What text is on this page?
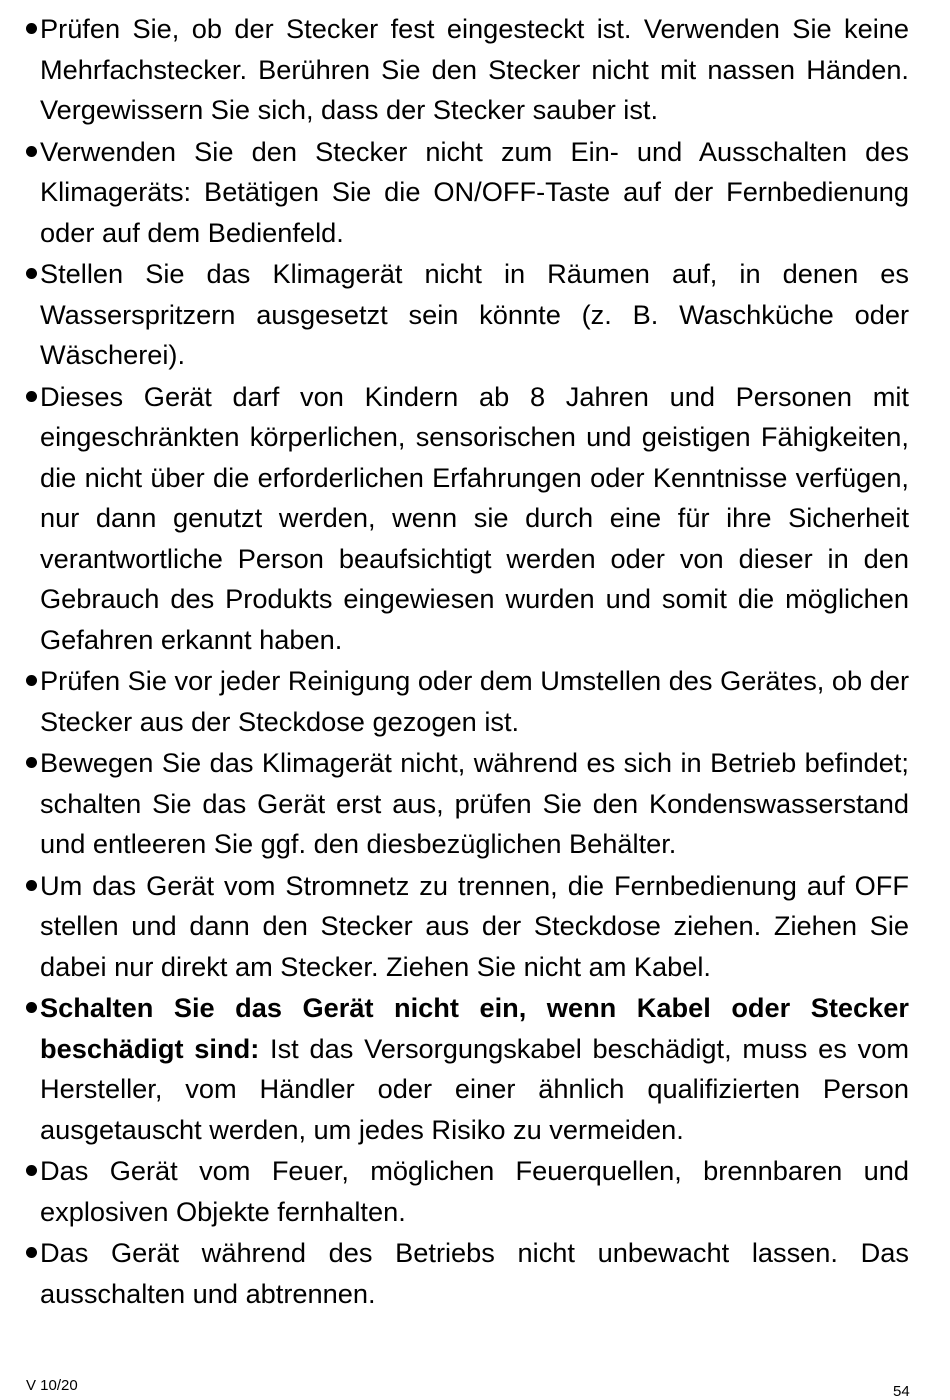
Prüfen Sie, ob der Stecker fest eingesteckt ist. Verwenden Sie keine Mehrfachstecker. Berühren Sie den Stecker nicht mit nassen Händen. Vergewissern Sie sich, dass der Stecker sauber ist.
Verwenden Sie den Stecker nicht zum Ein- und Ausschalten des Klimageräts: Betätigen Sie die ON/OFF-Taste auf der Fernbedienung oder auf dem Bedienfeld.
Stellen Sie das Klimagerät nicht in Räumen auf, in denen es Wasserspritzern ausgesetzt sein könnte (z. B. Waschküche oder Wäscherei).
Dieses Gerät darf von Kindern ab 8 Jahren und Personen mit eingeschränkten körperlichen, sensorischen und geistigen Fähigkeiten, die nicht über die erforderlichen Erfahrungen oder Kenntnisse verfügen, nur dann genutzt werden, wenn sie durch eine für ihre Sicherheit verantwortliche Person beaufsichtigt werden oder von dieser in den Gebrauch des Produkts eingewiesen wurden und somit die möglichen Gefahren erkannt haben.
Prüfen Sie vor jeder Reinigung oder dem Umstellen des Gerätes, ob der Stecker aus der Steckdose gezogen ist.
Bewegen Sie das Klimagerät nicht, während es sich in Betrieb befindet; schalten Sie das Gerät erst aus, prüfen Sie den Kondenswasserstand und entleeren Sie ggf. den diesbezüglichen Behälter.
Um das Gerät vom Stromnetz zu trennen, die Fernbedienung auf OFF stellen und dann den Stecker aus der Steckdose ziehen. Ziehen Sie dabei nur direkt am Stecker. Ziehen Sie nicht am Kabel.
Schalten Sie das Gerät nicht ein, wenn Kabel oder Stecker beschädigt sind: Ist das Versorgungskabel beschädigt, muss es vom Hersteller, vom Händler oder einer ähnlich qualifizierten Person ausgetauscht werden, um jedes Risiko zu vermeiden.
Das Gerät vom Feuer, möglichen Feuerquellen, brennbaren und explosiven Objekte fernhalten.
Das Gerät während des Betriebs nicht unbewacht lassen. Das ausschalten und abtrennen.
V 10/20	54
